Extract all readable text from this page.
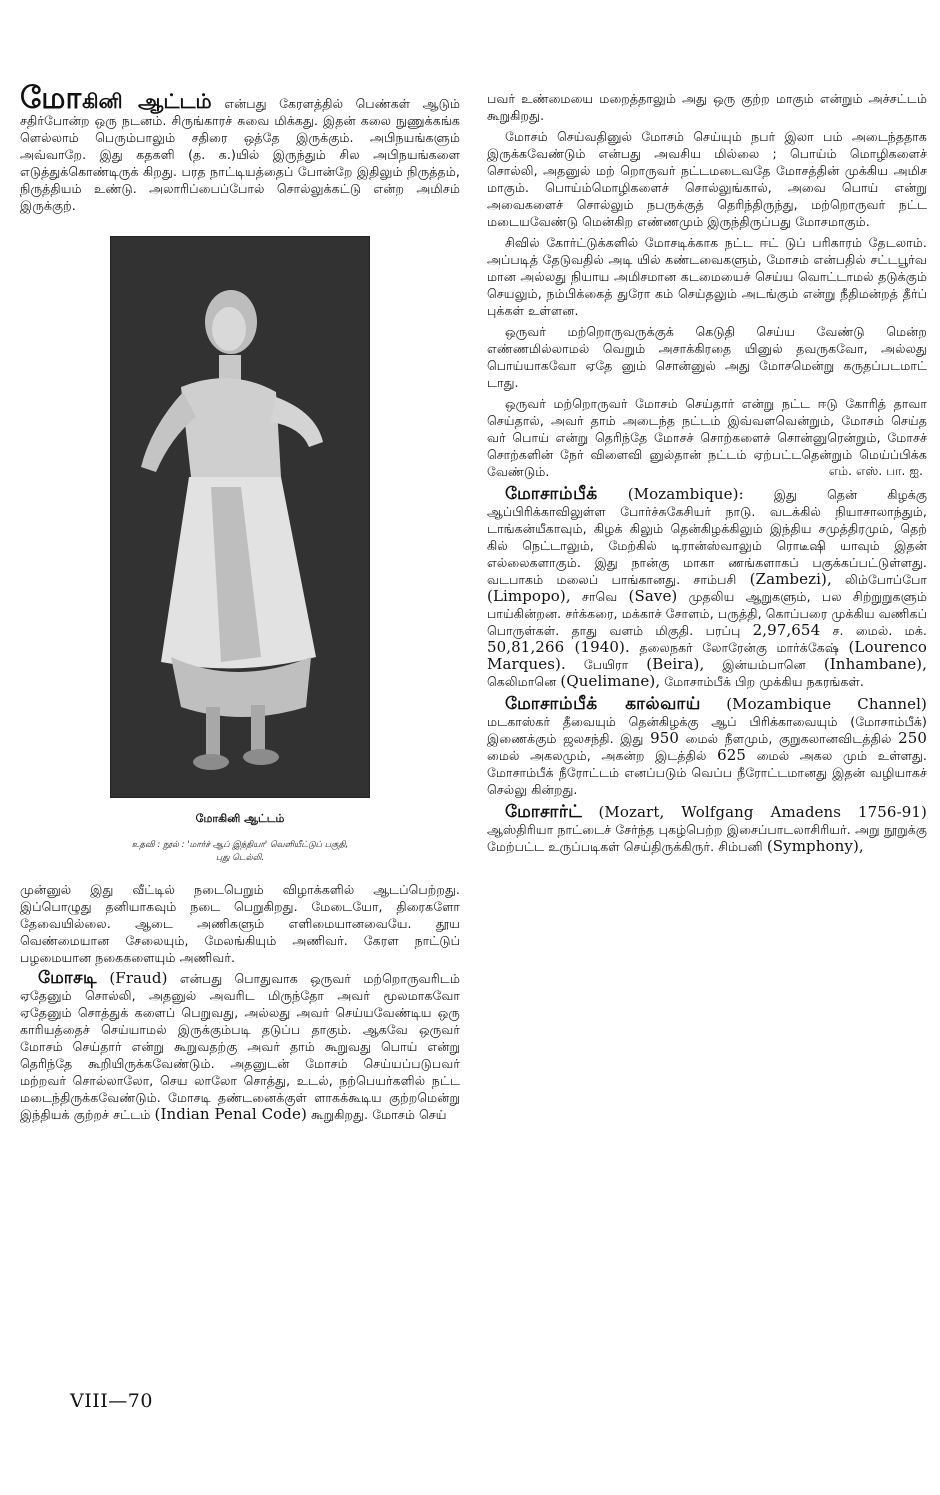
மோகினி ஆட்டம் என்பது கேரளத்தில் பெண்கள் ஆடும் சதிர்போன்ற ஒரு நடனம். சிருங்காரச் சுவை மிக்கது. இதன் கலை நுணுக்கங்க ளெல்லாம் பெரும்பாலும் சதிரை ஒத்தே இருக்கும். அபிநயங்களும் அவ்வாறே. இது கதகளி (த. க.)யில் இருந்தும் சில அபிநயங்களை எடுத்துக்கொண்டிருக் கிறது. பரத நாட்டியத்தைப் போன்றே இதிலும் நிருத்தம், நிருத்தியம் உண்டு. அலாரிப்பைப்போல் சொல்லுக்கட்டு என்ற அமிசம் இருக்குற்.

மோகினி ஆட்டம்
உதவி : நூல் : 'மார்ச் ஆப் இந்தியா' வெளியீட்டுப் பகுதி,
புது டெல்லி.

முன்னுல் இது வீட்டில் நடைபெறும் விழாக்களில் ஆடப்பெற்றது. இப்பொழுது தனியாகவும் நடை பெறுகிறது. மேடையோ, திரைகளோ தேவையில்லை. ஆடை அணிகளும் எளிமையானவையே. தூய வெண்மையான சேலையும், மேலங்கியும் அணிவர். கேரள நாட்டுப் பழமையான நகைகளையும் அணிவர்.

மோசடி (Fraud) என்பது பொதுவாக ஒருவர் மற்றொருவரிடம் ஏதேனும் சொல்லி, அதனுல் அவரிட மிருந்தோ அவர் மூலமாகவோ ஏதேனும் சொத்துக் களைப் பெறுவது, அல்லது அவர் செய்யவேண்டிய ஒரு காரியத்தைச் செய்யாமல் இருக்கும்படி தடுப்ப தாகும். ஆகவே ஒருவர் மோசம் செய்தார் என்று கூறுவதற்கு அவர் தாம் கூறுவது பொய் என்று தெரிந்தே கூறியிருக்கவேண்டும். அதனுடன் மோசம் செய்யப்படுபவர் மற்றவர் சொல்லாலோ, செய லாலோ சொத்து, உடல், நற்பெயர்களில் நட்ட மடைந்திருக்கவேண்டும். மோசடி தண்டனைக்குள் ளாகக்கூடிய குற்றமென்று இந்தியக் குற்றச் சட்டம் (Indian Penal Code) கூறுகிறது. மோசம் செய்

பவர் உண்மையை மறைத்தாலும் அது ஒரு குற்ற மாகும் என்றும் அச்சட்டம் கூறுகிறது.

மோசம் செய்வதினுல் மோசம் செய்யும் நபர் இலா பம் அடைந்ததாக இருக்கவேண்டும் என்பது அவசிய மில்லை ; பொய்ம் மொழிகளைச் சொல்லி, அதனுல் மற் றொருவர் நட்டமடைவதே மோசத்தின் முக்கிய அமிச மாகும். பொய்ம்மொழிகளைச் சொல்லுங்கால், அவை பொய் என்று அவைகளைச் சொல்லும் நபருக்குத் தெரிந்திருந்து, மற்றொருவர் நட்ட மடையவேண்டு மென்கிற எண்ணமும் இருந்திருப்பது மோசமாகும்.

சிவில் கோர்ட்டுக்களில் மோசடிக்காக நட்ட ஈட் டுப் பரிகாரம் தேடலாம். அப்படித் தேடுவதில் அடி யில் கண்டவைகளும், மோசம் என்பதில் சட்டபூர்வ மான அல்லது நியாய அமிசமான கடமையைச் செய்ய வொட்டாமல் தடுக்கும் செயலும், நம்பிக்கைத் துரோ கம் செய்தலும் அடங்கும் என்று நீதிமன்றத் தீர்ப் புக்கள் உள்ளன.

ஒருவர் மற்றொருவருக்குக் கெடுதி செய்ய வேண்டு மென்ற எண்ணமில்லாமல் வெறும் அசாக்கிரதை யினுல் தவருகவோ, அல்லது பொய்யாகவோ ஏதே னும் சொன்னுல் அது மோசமென்று கருதப்படமாட் டாது.

ஒருவர் மற்றொருவர் மோசம் செய்தார் என்று நட்ட ஈடு கோரித் தாவா செய்தால், அவர் தாம் அடைந்த நட்டம் இவ்வளவென்றும், மோசம் செய்த வர் பொய் என்று தெரிந்தே மோசச் சொற்களைச் சொன்னுரென்றும், மோசச் சொற்களின் நேர் விளைவி னுல்தான் நட்டம் ஏற்பட்டதென்றும் மெய்ப்பிக்க வேண்டும்.	எம். எஸ். பா. ஐ.

மோசாம்பீக் (Mozambique): இது தென் கிழக்கு ஆப்பிரிக்காவிலுள்ள போர்ச்சுகேசியர் நாடு. வடக்கில் நியாசாலாந்தும், டாங்கன்யீகாவும், கிழக் கிலும் தென்கிழக்கிலும் இந்திய சமுத்திரமும், தெற் கில் நெட்டாலும், மேற்கில் டிரான்ஸ்வாலும் ரொடீஷி யாவும் இதன் எல்லைகளாகும். இது நான்கு மாகா ணங்களாகப் பகுக்கப்பட்டுள்ளது. வடபாகம் மலைப் பாங்கானது. சாம்பசி (Zambezi), லிம்போப்போ (Limpopo), சாவெ (Save) முதலிய ஆறுகளும், பல சிற்றுறுகளும் பாய்கின்றன. சர்க்கரை, மக்காச் சோளம், பருத்தி, கொப்பரை முக்கிய வணிகப் பொருள்கள். தாது வளம் மிகுதி. பரப்பு 2,97,654 ச. மைல். மக். 50,81,266 (1940). தலைநகர் லோரேன்கு மார்க்கேஷ் (Lourenco Marques). பேயிரா (Beira), இன்யம்பானெ (Inhambane), கெலிமானெ (Quelimane), மோசாம்பீக் பிற முக்கிய நகரங்கள்.

மோசாம்பீக் கால்வாய் (Mozambique Channel) மடகாஸ்கர் தீவையும் தென்கிழக்கு ஆப் பிரிக்காவையும் (மோசாம்பீக்) இணைக்கும் ஜலசந்தி. இது 950 மைல் நீளமும், குறுகலானவிடத்தில் 250 மைல் அகலமும், அகன்ற இடத்தில் 625 மைல் அகல மும் உள்ளது. மோசாம்பீக் நீரோட்டம் எனப்படும் வெப்ப நீரோட்டமானது இதன் வழியாகச் செல்லு கின்றது.

மோசார்ட் (Mozart, Wolfgang Amadens 1756-91) ஆஸ்திரியா நாட்டைச் சேர்ந்த புகழ்பெற்ற இசைப்பாடலாசிரியர். அறு நூறுக்கு மேற்பட்ட உருப்படிகள் செய்திருக்கிருர். சிம்பனி (Symphony),

VIII—70
